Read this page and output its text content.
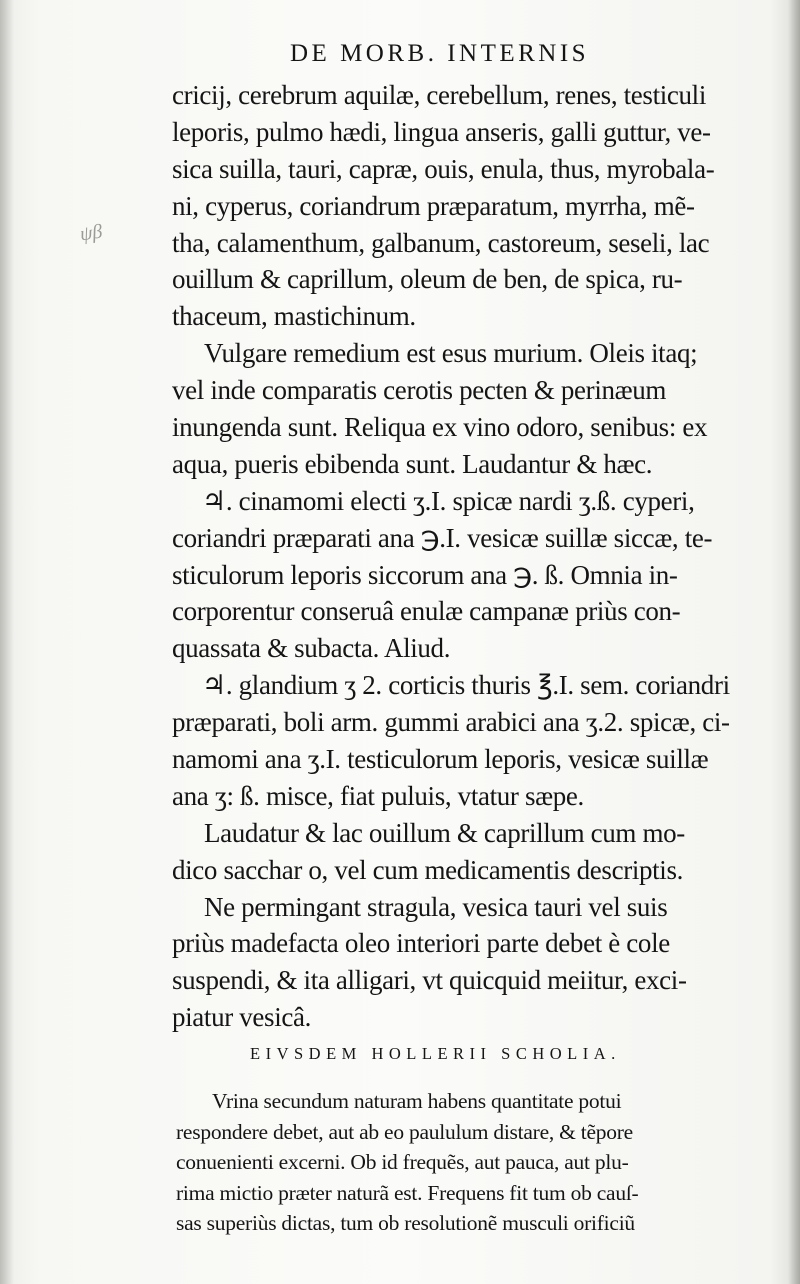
DE MORB. INTERNIS
ψβ
cricij, cerebrum aquilæ, cerebellum, renes, testiculi
leporis, pulmo hædi, lingua anseris, galli guttur, ve-
sica suilla, tauri, capræ, ouis, enula, thus, myrobala-
ni, cyperus, coriandrum præparatum, myrrha, mẽ-
tha, calamenthum, galbanum, castoreum, seseli, lac
ouillum & caprillum, oleum de ben, de spica, ru-
thaceum, mastichinum.
Vulgare remedium est esus murium. Oleis itaq;
vel inde comparatis cerotis pecten & perinæum
inungenda sunt. Reliqua ex vino odoro, senibus: ex
aqua, pueris ebibenda sunt. Laudantur & hæc.
♃. cinamomi electi ʒ.I. spicæ nardi ʒ.ß. cyperi,
coriandri præparati ana ℈.I. vesicæ suillæ siccæ, te-
sticulorum leporis siccorum ana ℈. ß. Omnia in-
corporentur conseruâ enulæ campanæ priùs con-
quassata & subacta. Aliud.
♃. glandium ʒ 2. corticis thuris ℥.I. sem. coriandri
præparati, boli arm. gummi arabici ana ʒ.2. spicæ, ci-
namomi ana ʒ.I. testiculorum leporis, vesicæ suillæ
ana ʒ: ß. misce, fiat puluis, vtatur sæpe.
Laudatur & lac ouillum & caprillum cum mo-
dico sacchar o, vel cum medicamentis descriptis.
Ne permingant stragula, vesica tauri vel suis
priùs madefacta oleo interiori parte debet è cole
suspendi, & ita alligari, vt quicquid meiitur, exci-
piatur vesicâ.
EIVSDEM HOLLERII SCHOLIA.
Vrina secundum naturam habens quantitate potui
respondere debet, aut ab eo paululum distare, & tẽpore
conuenienti excerni. Ob id frequẽs, aut pauca, aut plu-
rima mictio præter naturã est. Frequens fit tum ob cauſ-
sas superiùs dictas, tum ob resolutionẽ musculi orificiũ
